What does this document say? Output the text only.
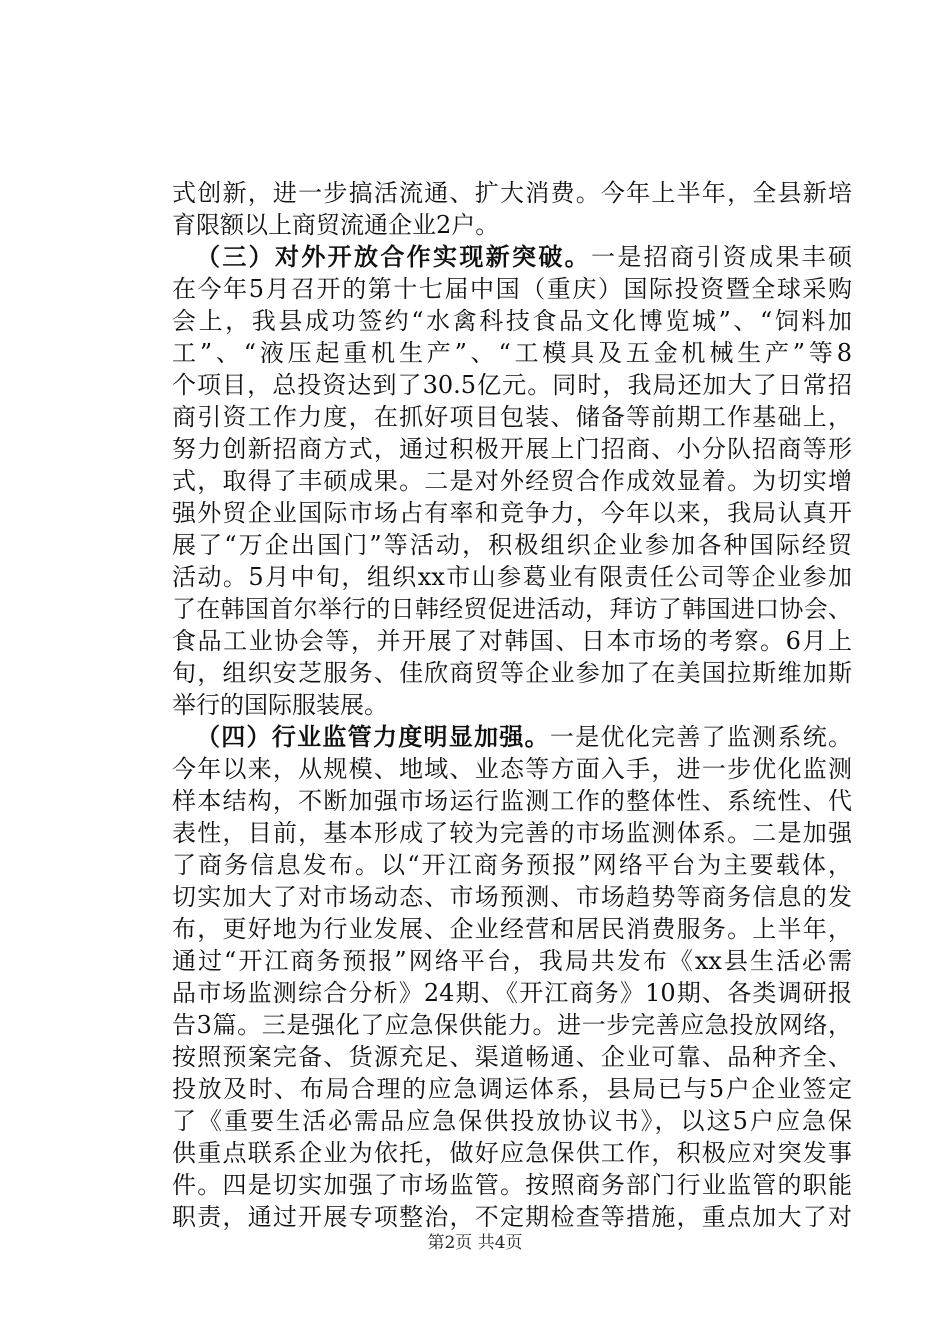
式创新，进一步搞活流通、扩大消费。今年上半年，全县新培
育限额以上商贸流通企业2户。
（三）对外开放合作实现新突破。一是招商引资成果丰硕
在今年5月召开的第十七届中国（重庆）国际投资暨全球采购
会上，我县成功签约“水禽科技食品文化博览城”、“饲料加
工”、“液压起重机生产”、“工模具及五金机械生产”等8
个项目，总投资达到了30.5亿元。同时，我局还加大了日常招
商引资工作力度，在抓好项目包装、储备等前期工作基础上，
努力创新招商方式，通过积极开展上门招商、小分队招商等形
式，取得了丰硕成果。二是对外经贸合作成效显着。为切实增
强外贸企业国际市场占有率和竞争力，今年以来，我局认真开
展了“万企出国门”等活动，积极组织企业参加各种国际经贸
活动。5月中旬，组织xx市山参葛业有限责任公司等企业参加
了在韩国首尔举行的日韩经贸促进活动，拜访了韩国进口协会、
食品工业协会等，并开展了对韩国、日本市场的考察。6月上
旬，组织安芝服务、佳欣商贸等企业参加了在美国拉斯维加斯
举行的国际服装展。
（四）行业监管力度明显加强。一是优化完善了监测系统。
今年以来，从规模、地域、业态等方面入手，进一步优化监测
样本结构，不断加强市场运行监测工作的整体性、系统性、代
表性，目前，基本形成了较为完善的市场监测体系。二是加强
了商务信息发布。以“开江商务预报”网络平台为主要载体，
切实加大了对市场动态、市场预测、市场趋势等商务信息的发
布，更好地为行业发展、企业经营和居民消费服务。上半年，
通过“开江商务预报”网络平台，我局共发布《xx县生活必需
品市场监测综合分析》24期、《开江商务》10期、各类调研报
告3篇。三是强化了应急保供能力。进一步完善应急投放网络，
按照预案完备、货源充足、渠道畅通、企业可靠、品种齐全、
投放及时、布局合理的应急调运体系，县局已与5户企业签定
了《重要生活必需品应急保供投放协议书》，以这5户应急保
供重点联系企业为依托，做好应急保供工作，积极应对突发事
件。四是切实加强了市场监管。按照商务部门行业监管的职能
职责，通过开展专项整治，不定期检查等措施，重点加大了对
第2页 共4页
